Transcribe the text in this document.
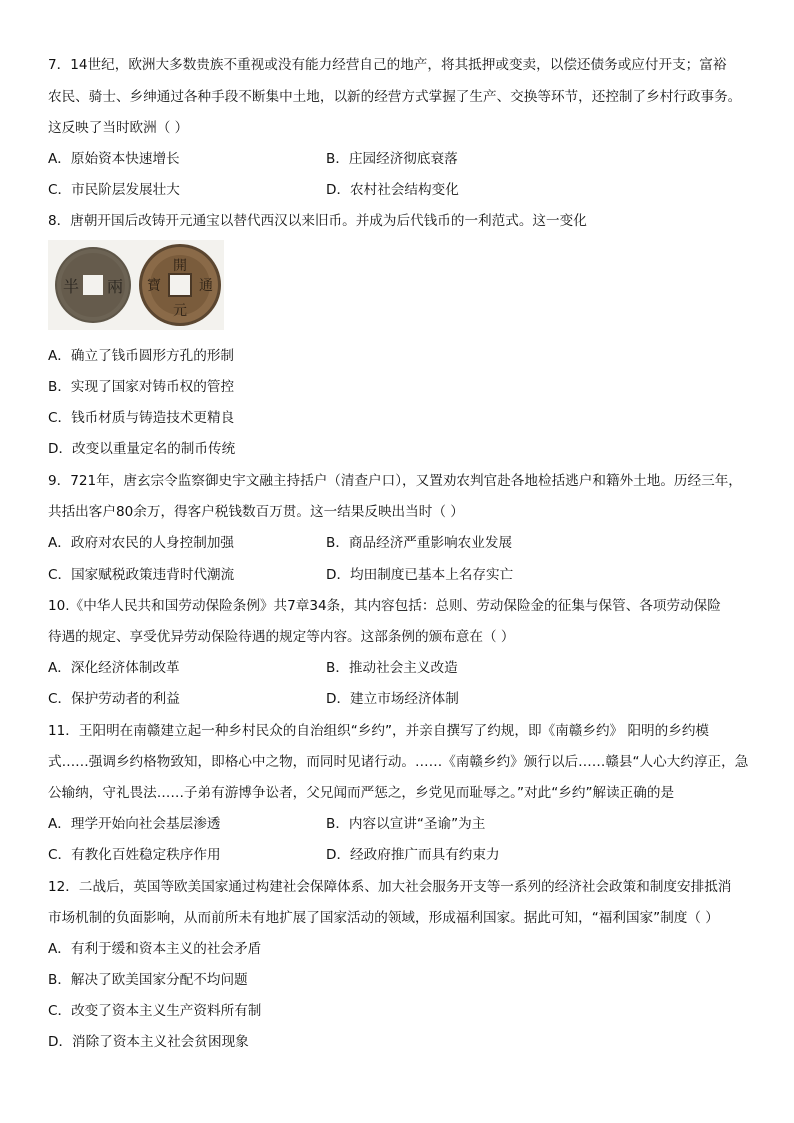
7．14世纪，欧洲大多数贵族不重视或没有能力经营自己的地产，将其抵押或变卖，以偿还债务或应付开支；富裕
农民、骑士、乡绅通过各种手段不断集中土地，以新的经营方式掌握了生产、交换等环节，还控制了乡村行政事务。
这反映了当时欧洲（ ）
A．原始资本快速增长	B．庄园经济彻底衰落
C．市民阶层发展壮大	D．农村社会结构变化
8．唐朝开国后改铸开元通宝以替代西汉以来旧币。并成为后代钱币的一利范式。这一变化
半 兩
開
通
元
寶
A．确立了钱币圆形方孔的形制
B．实现了国家对铸币权的管控
C．钱币材质与铸造技术更精良
D．改变以重量定名的制币传统
9．721年，唐玄宗令监察御史宇文融主持括户（清查户口），又置劝农判官赴各地检括逃户和籍外土地。历经三年，
共括出客户80余万，得客户税钱数百万贯。这一结果反映出当时（ ）
A．政府对农民的人身控制加强	B．商品经济严重影响农业发展
C．国家赋税政策违背时代潮流	D．均田制度已基本上名存实亡
10.《中华人民共和国劳动保险条例》共7章34条，其内容包括：总则、劳动保险金的征集与保管、各项劳动保险
待遇的规定、享受优异劳动保险待遇的规定等内容。这部条例的颁布意在（ ）
A．深化经济体制改革	B．推动社会主义改造
C．保护劳动者的利益	D．建立市场经济体制
11．王阳明在南赣建立起一种乡村民众的自治组织“乡约”，并亲自撰写了约规，即《南赣乡约》 阳明的乡约模
式……强调乡约格物致知，即格心中之物，而同时见诸行动。……《南赣乡约》颁行以后……赣县“人心大约淳正，急
公输纳，守礼畏法……子弟有游博争讼者，父兄闻而严惩之，乡党见而耻辱之。”对此“乡约”解读正确的是
A．理学开始向社会基层渗透	B．内容以宣讲“圣谕”为主
C．有教化百姓稳定秩序作用	D．经政府推广而具有约束力
12．二战后，英国等欧美国家通过构建社会保障体系、加大社会服务开支等一系列的经济社会政策和制度安排抵消
市场机制的负面影响，从而前所未有地扩展了国家活动的领域，形成福利国家。据此可知，“福利国家”制度（ ）
A．有利于缓和资本主义的社会矛盾
B．解决了欧美国家分配不均问题
C．改变了资本主义生产资料所有制
D．消除了资本主义社会贫困现象
